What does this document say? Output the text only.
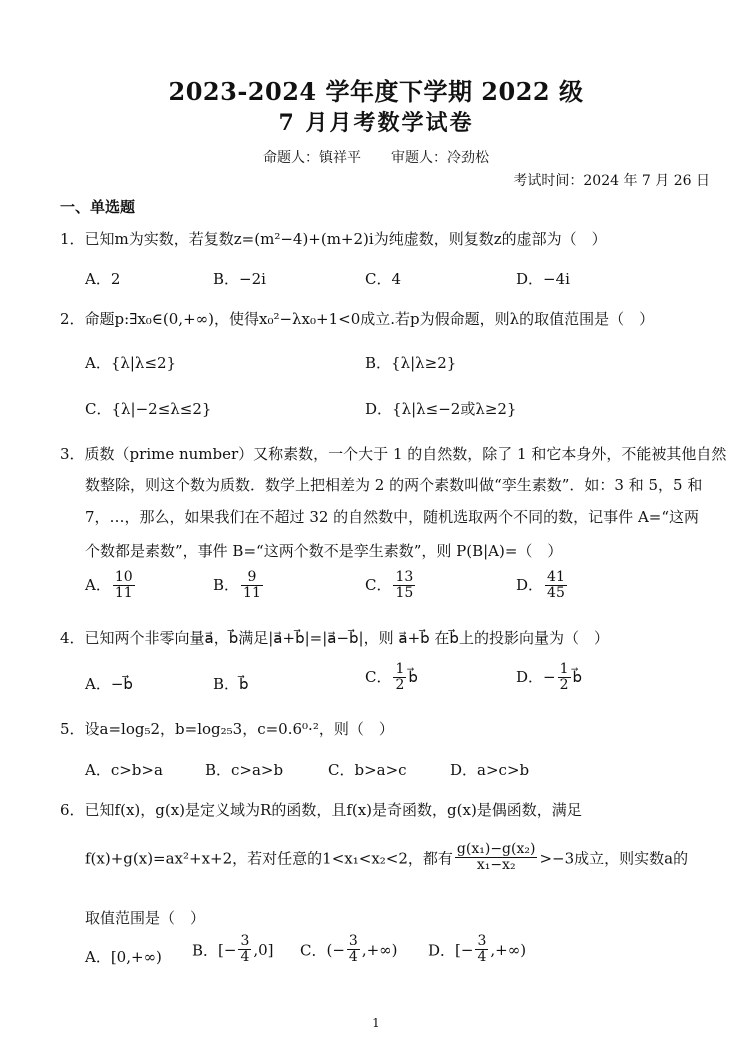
2023-2024 学年度下学期 2022 级
7 月月考数学试卷
命题人：镇祥平 审题人：冷劲松
考试时间：2024 年 7 月 26 日
一、单选题
1．已知m为实数，若复数z=(m²−4)+(m+2)i为纯虚数，则复数z的虚部为（　）
A．2	B．−2i	C．4	D．−4i
2．命题p:∃x₀∈(0,+∞)，使得x₀²−λx₀+1<0成立.若p为假命题，则λ的取值范围是（　）
A．{λ|λ≤2}	B．{λ|λ≥2}
C．{λ|−2≤λ≤2}	D．{λ|λ≤−2或λ≥2}
3．质数（prime number）又称素数，一个大于 1 的自然数，除了 1 和它本身外，不能被其他自然
数整除，则这个数为质数．数学上把相差为 2 的两个素数叫做“孪生素数”．如：3 和 5，5 和
7，…，那么，如果我们在不超过 32 的自然数中，随机选取两个不同的数，记事件 A=“这两
个数都是素数”，事件 B=“这两个数不是孪生素数”，则 P(B|A)=（　）
A． $\frac{10}{11}$	B． $\frac{9}{11}$	C． $\frac{13}{15}$	D． $\frac{41}{45}$
4．已知两个非零向量a⃗，b⃗满足|a⃗+b⃗|=|a⃗−b⃗|，则 a⃗+b⃗ 在b⃗上的投影向量为（　）
A．−b⃗	B．b⃗	C． $\frac{1}{2}$ b⃗	D．− $\frac{1}{2}$ b⃗
5．设a=log₅2，b=log₂₅3，c=0.6⁰·²，则（　）
A．c>b>a	B．c>a>b	C．b>a>c	D．a>c>b
6．已知f(x)，g(x)是定义域为R的函数，且f(x)是奇函数，g(x)是偶函数，满足
f(x)+g(x)=ax²+x+2，若对任意的1<x₁<x₂<2，都有 $\frac{\text{g(x₁)−g(x₂)}}{\text{x₁−x₂}} >-3$成立，则实数a的
取值范围是（　）
A．[0,+∞) B．[− $\frac{3}{4} ,0$] C．(− $\frac{3}{4}$ ,+∞) D．[− $\frac{3}{4}$ ,+∞)
1
